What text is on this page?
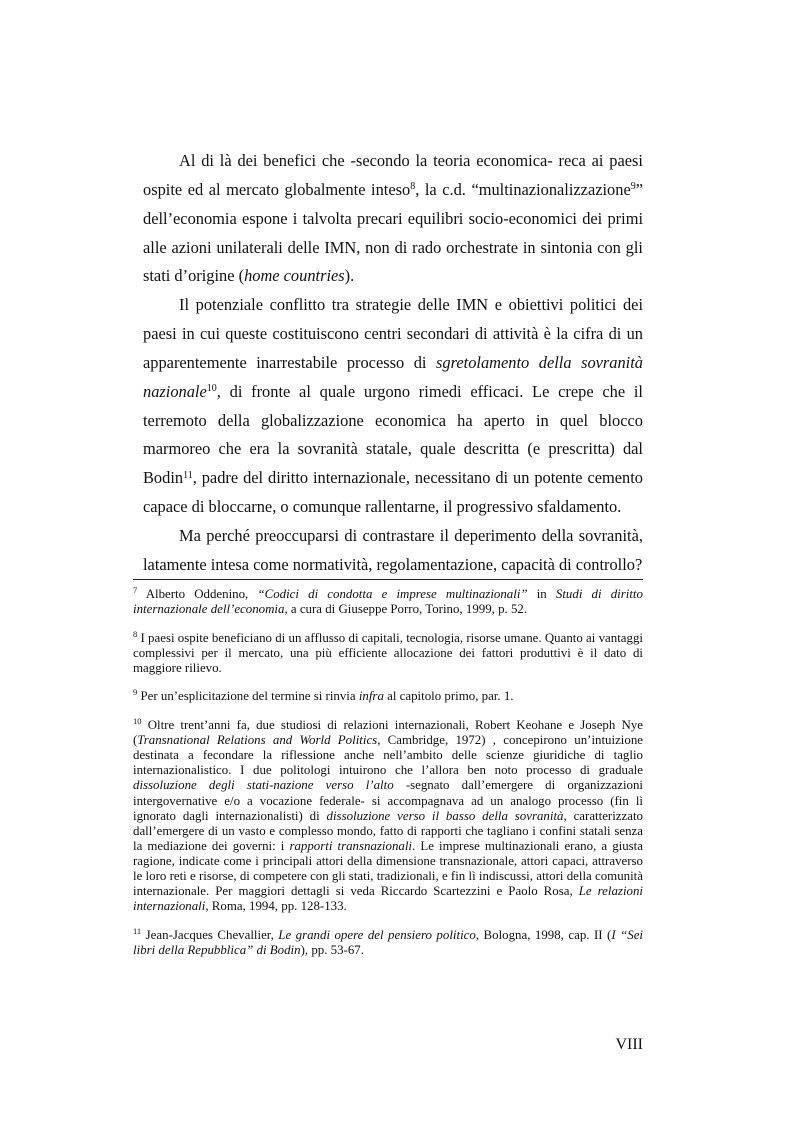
Al di là dei benefici che -secondo la teoria economica- reca ai paesi ospite ed al mercato globalmente inteso$^8$, la c.d. “multinazionalizzazione$^9$” dell’economia espone i talvolta precari equilibri socio-economici dei primi alle azioni unilaterali delle IMN, non di rado orchestrate in sintonia con gli stati d’origine (home countries).

Il potenziale conflitto tra strategie delle IMN e obiettivi politici dei paesi in cui queste costituiscono centri secondari di attività è la cifra di un apparentemente inarrestabile processo di sgretolamento della sovranità nazionale$^{10}$, di fronte al quale urgono rimedi efficaci. Le crepe che il terremoto della globalizzazione economica ha aperto in quel blocco marmoreo che era la sovranità statale, quale descritta (e prescritta) dal Bodin$^{11}$, padre del diritto internazionale, necessitano di un potente cemento capace di bloccarne, o comunque rallentarne, il progressivo sfaldamento.

Ma perché preoccuparsi di contrastare il deperimento della sovranità, latamente intesa come normatività, regolamentazione, capacità di controllo?

$^7$ Alberto Oddenino, “Codici di condotta e imprese multinazionali” in Studi di diritto internazionale dell’economia, a cura di Giuseppe Porro, Torino, 1999, p. 52.
$^8$ I paesi ospite beneficiano di un afflusso di capitali, tecnologia, risorse umane. Quanto ai vantaggi complessivi per il mercato, una più efficiente allocazione dei fattori produttivi è il dato di maggiore rilievo.
$^9$ Per un’esplicitazione del termine si rinvia infra al capitolo primo, par. 1.
$^{10}$ Oltre trent’anni fa, due studiosi di relazioni internazionali, Robert Keohane e Joseph Nye (Transnational Relations and World Politics, Cambridge, 1972) , concepirono un’intuizione destinata a fecondare la riflessione anche nell’ambito delle scienze giuridiche di taglio internazionalistico. I due politologi intuirono che l’allora ben noto processo di graduale dissoluzione degli stati-nazione verso l’alto -segnato dall’emergere di organizzazioni intergovernative e/o a vocazione federale- si accompagnava ad un analogo processo (fin lì ignorato dagli internazionalisti) di dissoluzione verso il basso della sovranità, caratterizzato dall’emergere di un vasto e complesso mondo, fatto di rapporti che tagliano i confini statali senza la mediazione dei governi: i rapporti transnazionali. Le imprese multinazionali erano, a giusta ragione, indicate come i principali attori della dimensione transnazionale, attori capaci, attraverso le loro reti e risorse, di competere con gli stati, tradizionali, e fin lì indiscussi, attori della comunità internazionale. Per maggiori dettagli si veda Riccardo Scartezzini e Paolo Rosa, Le relazioni internazionali, Roma, 1994, pp. 128-133.
$^{11}$ Jean-Jacques Chevallier, Le grandi opere del pensiero politico, Bologna, 1998, cap. II (I “Sei libri della Repubblica” di Bodin), pp. 53-67.
VIII
